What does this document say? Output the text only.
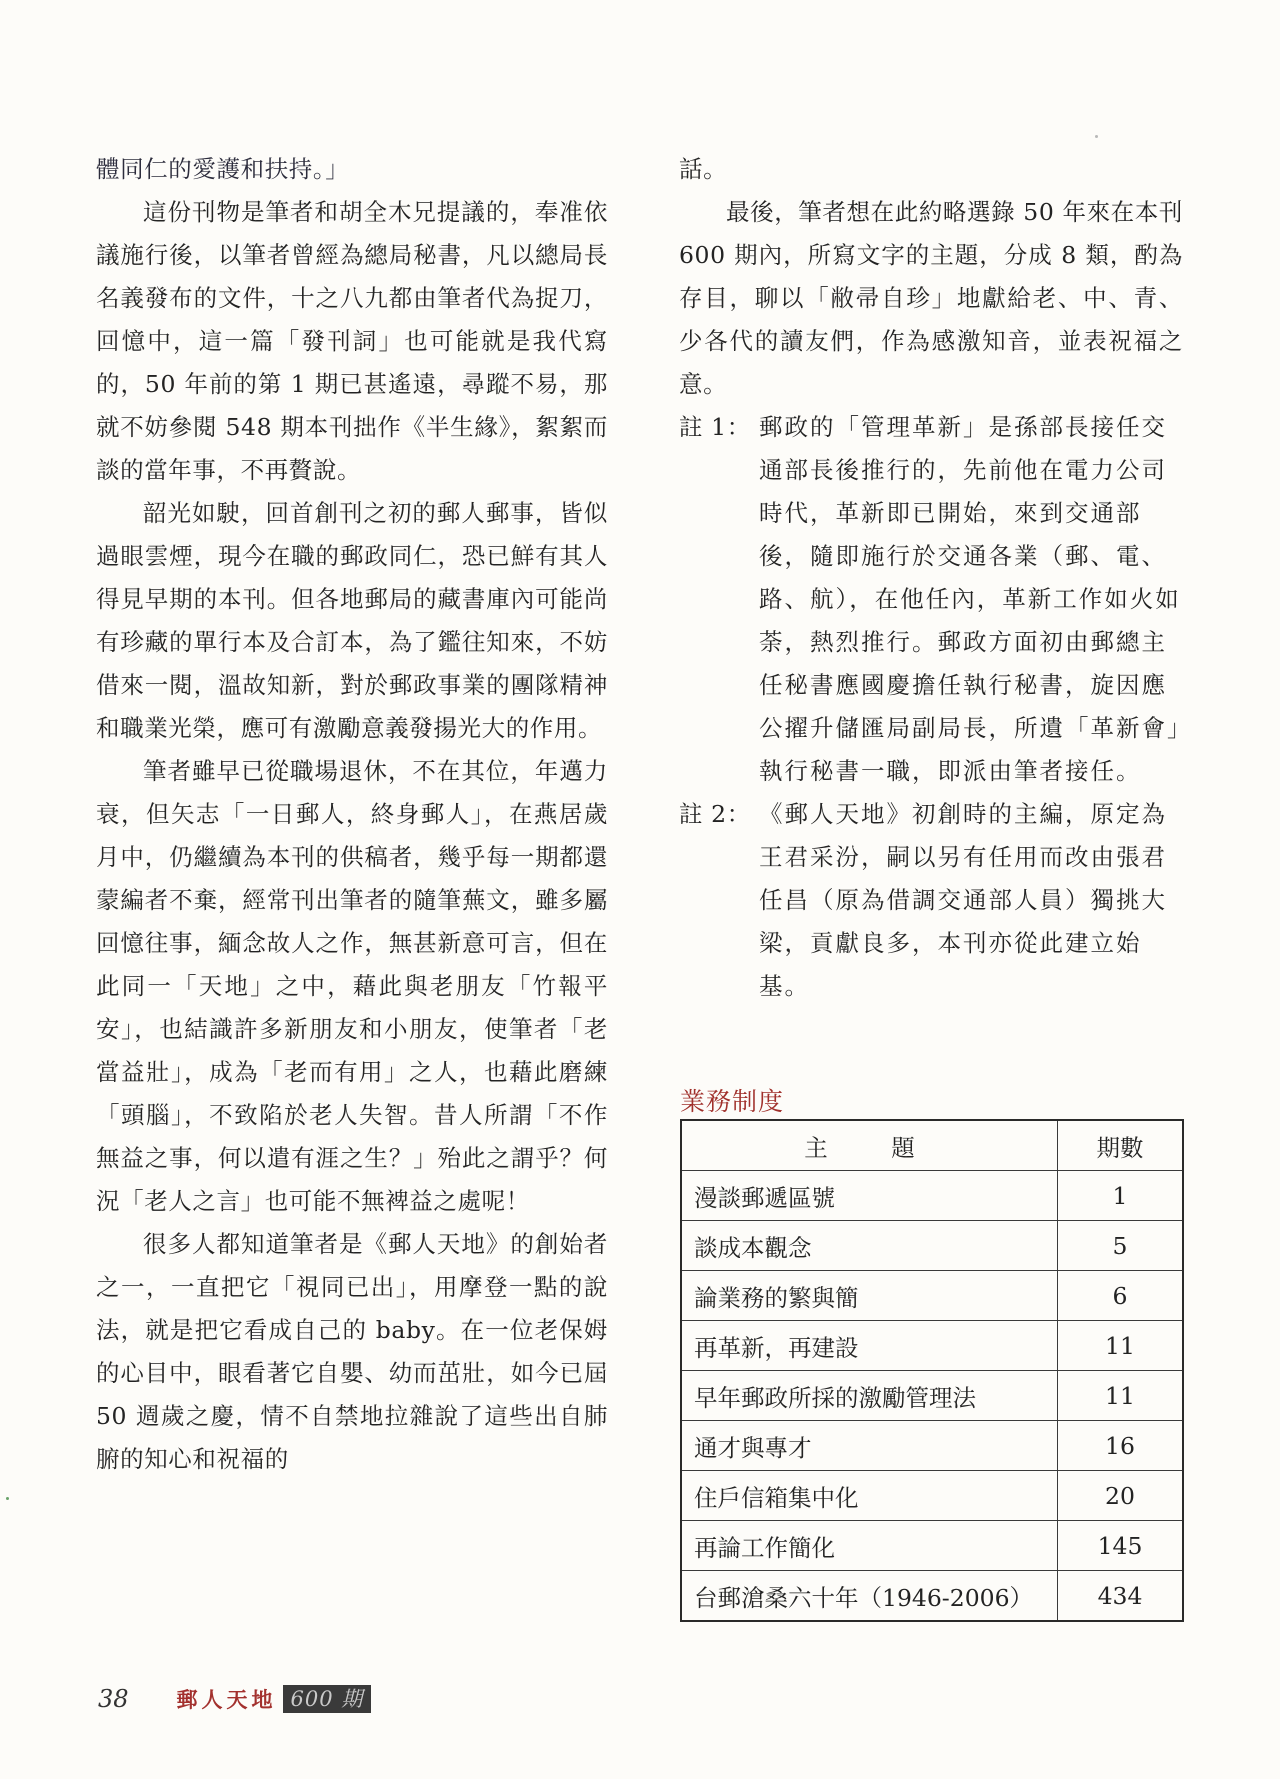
體同仁的愛護和扶持。」

這份刊物是筆者和胡全木兄提議的，奉准依議施行後，以筆者曾經為總局秘書，凡以總局長名義發布的文件，十之八九都由筆者代為捉刀，回憶中，這一篇「發刊詞」也可能就是我代寫的，50 年前的第 1 期已甚遙遠，尋蹤不易，那就不妨參閱 548 期本刊拙作《半生緣》，絮絮而談的當年事，不再贅說。

韶光如駛，回首創刊之初的郵人郵事，皆似過眼雲煙，現今在職的郵政同仁，恐已鮮有其人得見早期的本刊。但各地郵局的藏書庫內可能尚有珍藏的單行本及合訂本，為了鑑往知來，不妨借來一閱，溫故知新，對於郵政事業的團隊精神和職業光榮，應可有激勵意義發揚光大的作用。

筆者雖早已從職場退休，不在其位，年邁力衰，但矢志「一日郵人，終身郵人」，在燕居歲月中，仍繼續為本刊的供稿者，幾乎每一期都還蒙編者不棄，經常刊出筆者的隨筆蕪文，雖多屬回憶往事，緬念故人之作，無甚新意可言，但在此同一「天地」之中，藉此與老朋友「竹報平安」，也結識許多新朋友和小朋友，使筆者「老當益壯」，成為「老而有用」之人，也藉此磨練「頭腦」，不致陷於老人失智。昔人所謂「不作無益之事，何以遣有涯之生？」殆此之謂乎？何況「老人之言」也可能不無裨益之處呢！

很多人都知道筆者是《郵人天地》的創始者之一，一直把它「視同已出」，用摩登一點的說法，就是把它看成自己的 baby。在一位老保姆的心目中，眼看著它自嬰、幼而茁壯，如今已屆 50 週歲之慶，情不自禁地拉雜說了這些出自肺腑的知心和祝福的

話。

最後，筆者想在此約略選錄 50 年來在本刊 600 期內，所寫文字的主題，分成 8 類，酌為存目，聊以「敝帚自珍」地獻給老、中、青、少各代的讀友們，作為感激知音，並表祝福之意。

註 1： 郵政的「管理革新」是孫部長接任交通部長後推行的，先前他在電力公司時代，革新即已開始，來到交通部後，隨即施行於交通各業（郵、電、路、航），在他任內，革新工作如火如荼，熱烈推行。郵政方面初由郵總主任秘書應國慶擔任執行秘書，旋因應公擢升儲匯局副局長，所遺「革新會」執行秘書一職，即派由筆者接任。
註 2： 《郵人天地》初創時的主編，原定為王君采汾，嗣以另有任用而改由張君任昌（原為借調交通部人員）獨挑大梁，貢獻良多，本刊亦從此建立始基。
業務制度
主　題	期數
漫談郵遞區號	1
談成本觀念	5
論業務的繁與簡	6
再革新，再建設	11
早年郵政所採的激勵管理法	11
通才與專才	16
住戶信箱集中化	20
再論工作簡化	145
台郵滄桑六十年（1946-2006）	434
38 郵人天地 600 期
